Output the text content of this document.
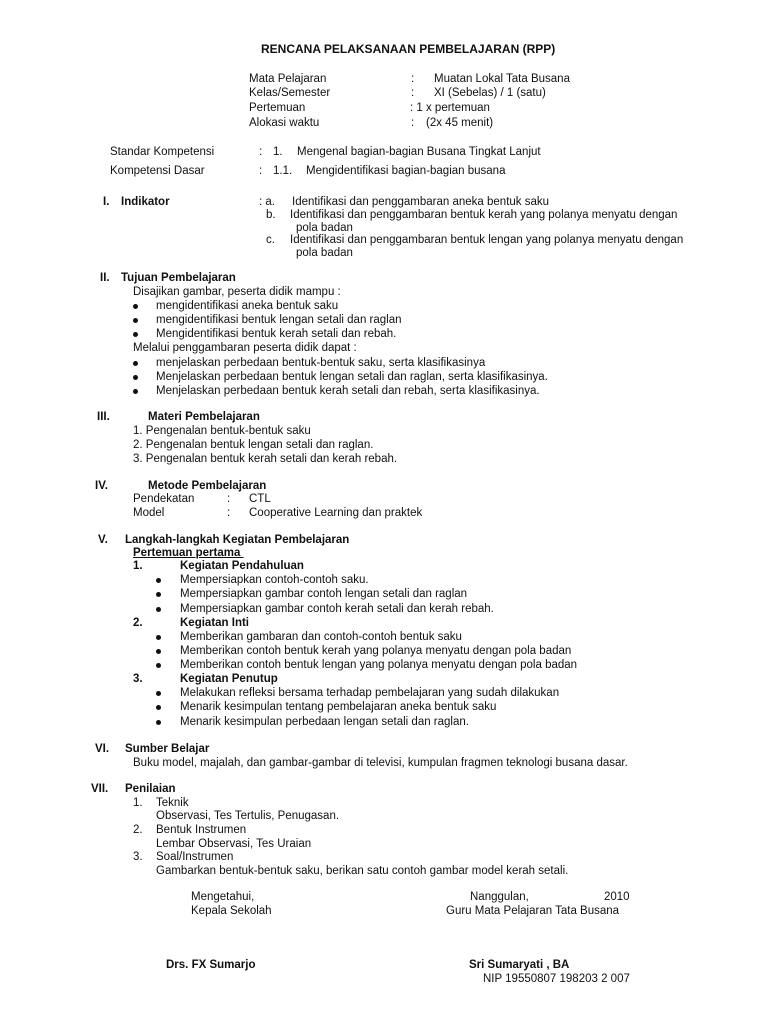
RENCANA PELAKSANAAN PEMBELAJARAN (RPP)
Mata Pelajaran	: Muatan Lokal Tata Busana
Kelas/Semester	: XI (Sebelas) / 1 (satu)
Pertemuan	: 1 x pertemuan
Alokasi waktu	: (2x 45 menit)
Standar Kompetensi	: 1. Mengenal bagian-bagian Busana Tingkat Lanjut
Kompetensi Dasar	: 1.1. Mengidentifikasi bagian-bagian busana
I. Indikator	: a. Identifikasi dan penggambaran aneka bentuk saku
b. Identifikasi dan penggambaran bentuk kerah yang polanya menyatu dengan
pola badan
c. Identifikasi dan penggambaran bentuk lengan yang polanya menyatu dengan
pola badan
II. Tujuan Pembelajaran
Disajikan gambar, peserta didik mampu :
mengidentifikasi aneka bentuk saku
mengidentifikasi bentuk lengan setali dan raglan
Mengidentifikasi bentuk kerah setali dan rebah.
Melalui penggambaran peserta didik dapat :
menjelaskan perbedaan bentuk-bentuk saku, serta klasifikasinya
Menjelaskan perbedaan bentuk lengan setali dan raglan, serta klasifikasinya.
Menjelaskan perbedaan bentuk kerah setali dan rebah, serta klasifikasinya.
III.	Materi Pembelajaran
1. Pengenalan bentuk-bentuk saku
2. Pengenalan bentuk lengan setali dan raglan.
3. Pengenalan bentuk kerah setali dan kerah rebah.
IV.	Metode Pembelajaran
Pendekatan	: CTL
Model	: Cooperative Learning dan praktek
V. Langkah-langkah Kegiatan Pembelajaran
Pertemuan pertama
1.	Kegiatan Pendahuluan
Mempersiapkan contoh-contoh saku.
Mempersiapkan gambar contoh lengan setali dan raglan
Mempersiapkan gambar contoh kerah setali dan kerah rebah.
2.	Kegiatan Inti
Memberikan gambaran dan contoh-contoh bentuk saku
Memberikan contoh bentuk kerah yang polanya menyatu dengan pola badan
Memberikan contoh bentuk lengan yang polanya menyatu dengan pola badan
3.	Kegiatan Penutup
Melakukan refleksi bersama terhadap pembelajaran yang sudah dilakukan
Menarik kesimpulan tentang pembelajaran aneka bentuk saku
Menarik kesimpulan perbedaan lengan setali dan raglan.
VI. Sumber Belajar
Buku model, majalah, dan gambar-gambar di televisi, kumpulan fragmen teknologi busana dasar.
VII. Penilaian
1. Teknik
Observasi, Tes Tertulis, Penugasan.
2. Bentuk Instrumen
Lembar Observasi, Tes Uraian
3. Soal/Instrumen
Gambarkan bentuk-bentuk saku, berikan satu contoh gambar model kerah setali.
Mengetahui,
Kepala Sekolah
Drs. FX Sumarjo
Nanggulan,	2010
Guru Mata Pelajaran Tata Busana
Sri Sumaryati , BA
NIP 19550807 198203 2 007
